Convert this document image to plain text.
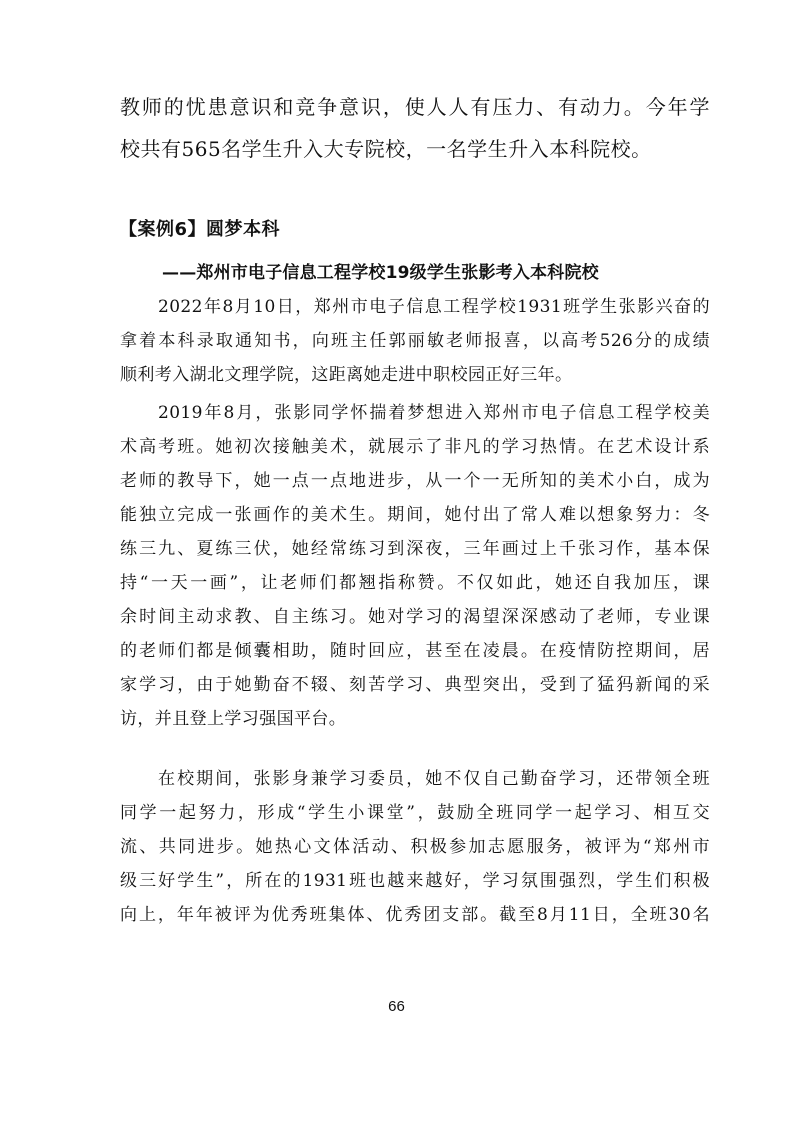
教师的忧患意识和竞争意识，使人人有压力、有动力。今年学
校共有565名学生升入大专院校，一名学生升入本科院校。
【案例6】圆梦本科
——郑州市电子信息工程学校19级学生张影考入本科院校
2022年8月10日，郑州市电子信息工程学校1931班学生张影兴奋的
拿着本科录取通知书，向班主任郭丽敏老师报喜，以高考526分的成绩
顺利考入湖北文理学院，这距离她走进中职校园正好三年。
2019年8月，张影同学怀揣着梦想进入郑州市电子信息工程学校美
术高考班。她初次接触美术，就展示了非凡的学习热情。在艺术设计系
老师的教导下，她一点一点地进步，从一个一无所知的美术小白，成为
能独立完成一张画作的美术生。期间，她付出了常人难以想象努力：冬
练三九、夏练三伏，她经常练习到深夜，三年画过上千张习作，基本保
持“一天一画”，让老师们都翘指称赞。不仅如此，她还自我加压，课
余时间主动求教、自主练习。她对学习的渴望深深感动了老师，专业课
的老师们都是倾囊相助，随时回应，甚至在凌晨。在疫情防控期间，居
家学习，由于她勤奋不辍、刻苦学习、典型突出，受到了猛犸新闻的采
访，并且登上学习强国平台。
在校期间，张影身兼学习委员，她不仅自己勤奋学习，还带领全班
同学一起努力，形成“学生小课堂”，鼓励全班同学一起学习、相互交
流、共同进步。她热心文体活动、积极参加志愿服务，被评为“郑州市
级三好学生”，所在的1931班也越来越好，学习氛围强烈，学生们积极
向上，年年被评为优秀班集体、优秀团支部。截至8月11日，全班30名
66
